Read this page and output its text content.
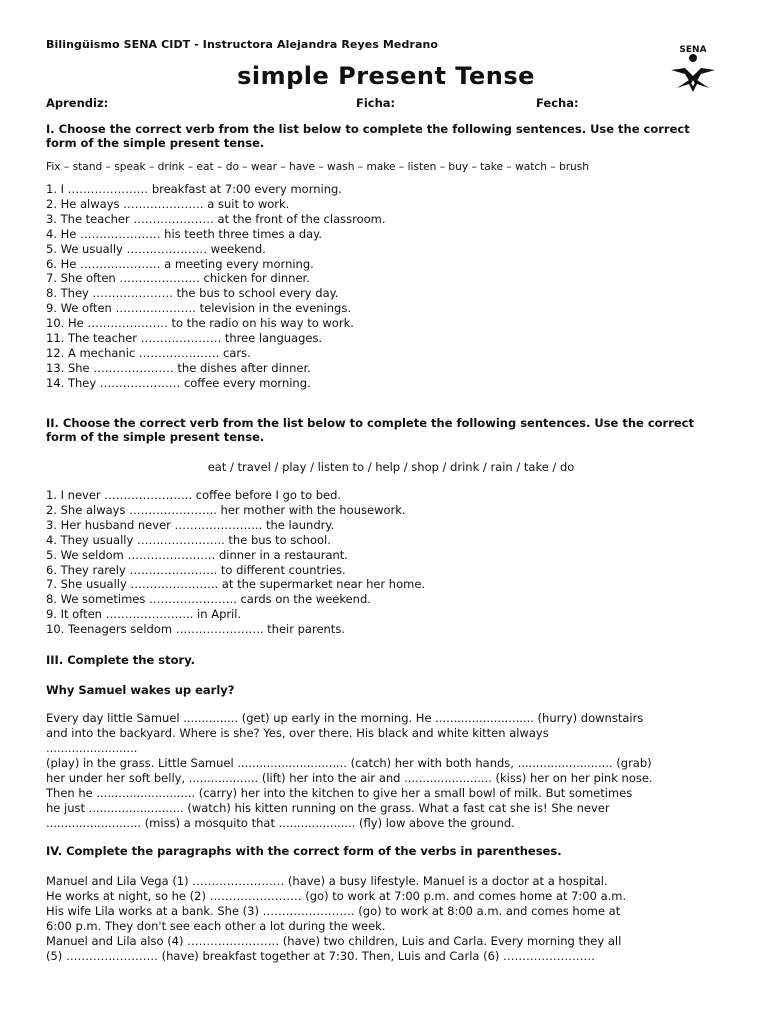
Bilingüismo SENA CIDT - Instructora Alejandra Reyes Medrano
simple Present Tense
Aprendiz:	Ficha:	Fecha:
I. Choose the correct verb from the list below to complete the following sentences. Use the correct
form of the simple present tense.
Fix – stand – speak – drink – eat – do – wear – have – wash – make – listen – buy – take – watch – brush
1. I ………………… breakfast at 7:00 every morning.
2. He always ………………… a suit to work.
3. The teacher ………………… at the front of the classroom.
4. He ………………… his teeth three times a day.
5. We usually ………………… weekend.
6. He ………………… a meeting every morning.
7. She often ………………… chicken for dinner.
8. They ………………… the bus to school every day.
9. We often ………………… television in the evenings.
10. He ………………… to the radio on his way to work.
11. The teacher ………………… three languages.
12. A mechanic ………………… cars.
13. She ………………… the dishes after dinner.
14. They ………………… coffee every morning.
II. Choose the correct verb from the list below to complete the following sentences. Use the correct
form of the simple present tense.
eat / travel / play / listen to / help / shop / drink / rain / take / do
1. I never ………………….. coffee before I go to bed.
2. She always ………………….. her mother with the housework.
3. Her husband never ………………….. the laundry.
4. They usually ………………….. the bus to school.
5. We seldom ………………….. dinner in a restaurant.
6. They rarely ………………….. to different countries.
7. She usually ………………….. at the supermarket near her home.
8. We sometimes ………………….. cards on the weekend.
9. It often ………………….. in April.
10. Teenagers seldom ………………….. their parents.
III. Complete the story.
Why Samuel wakes up early?
Every day little Samuel ............... (get) up early in the morning. He ........................... (hurry) downstairs
and into the backyard. Where is she? Yes, over there. His black and white kitten always
.........................
(play) in the grass. Little Samuel .............................. (catch) her with both hands, .......................... (grab)
her under her soft belly, ................... (lift) her into the air and ........................ (kiss) her on her pink nose.
Then he ........................... (carry) her into the kitchen to give her a small bowl of milk. But sometimes
he just .......................... (watch) his kitten running on the grass. What a fast cat she is! She never
.......................... (miss) a mosquito that ..................... (fly) low above the ground.
IV. Complete the paragraphs with the correct form of the verbs in parentheses.
Manuel and Lila Vega (1) …………………… (have) a busy lifestyle. Manuel is a doctor at a hospital.
He works at night, so he (2) …………………… (go) to work at 7:00 p.m. and comes home at 7:00 a.m.
His wife Lila works at a bank. She (3) …………………… (go) to work at 8:00 a.m. and comes home at
6:00 p.m. They don't see each other a lot during the week.
Manuel and Lila also (4) …………………… (have) two children, Luis and Carla. Every morning they all
(5) …………………… (have) breakfast together at 7:30. Then, Luis and Carla (6) ……………………
SENA
